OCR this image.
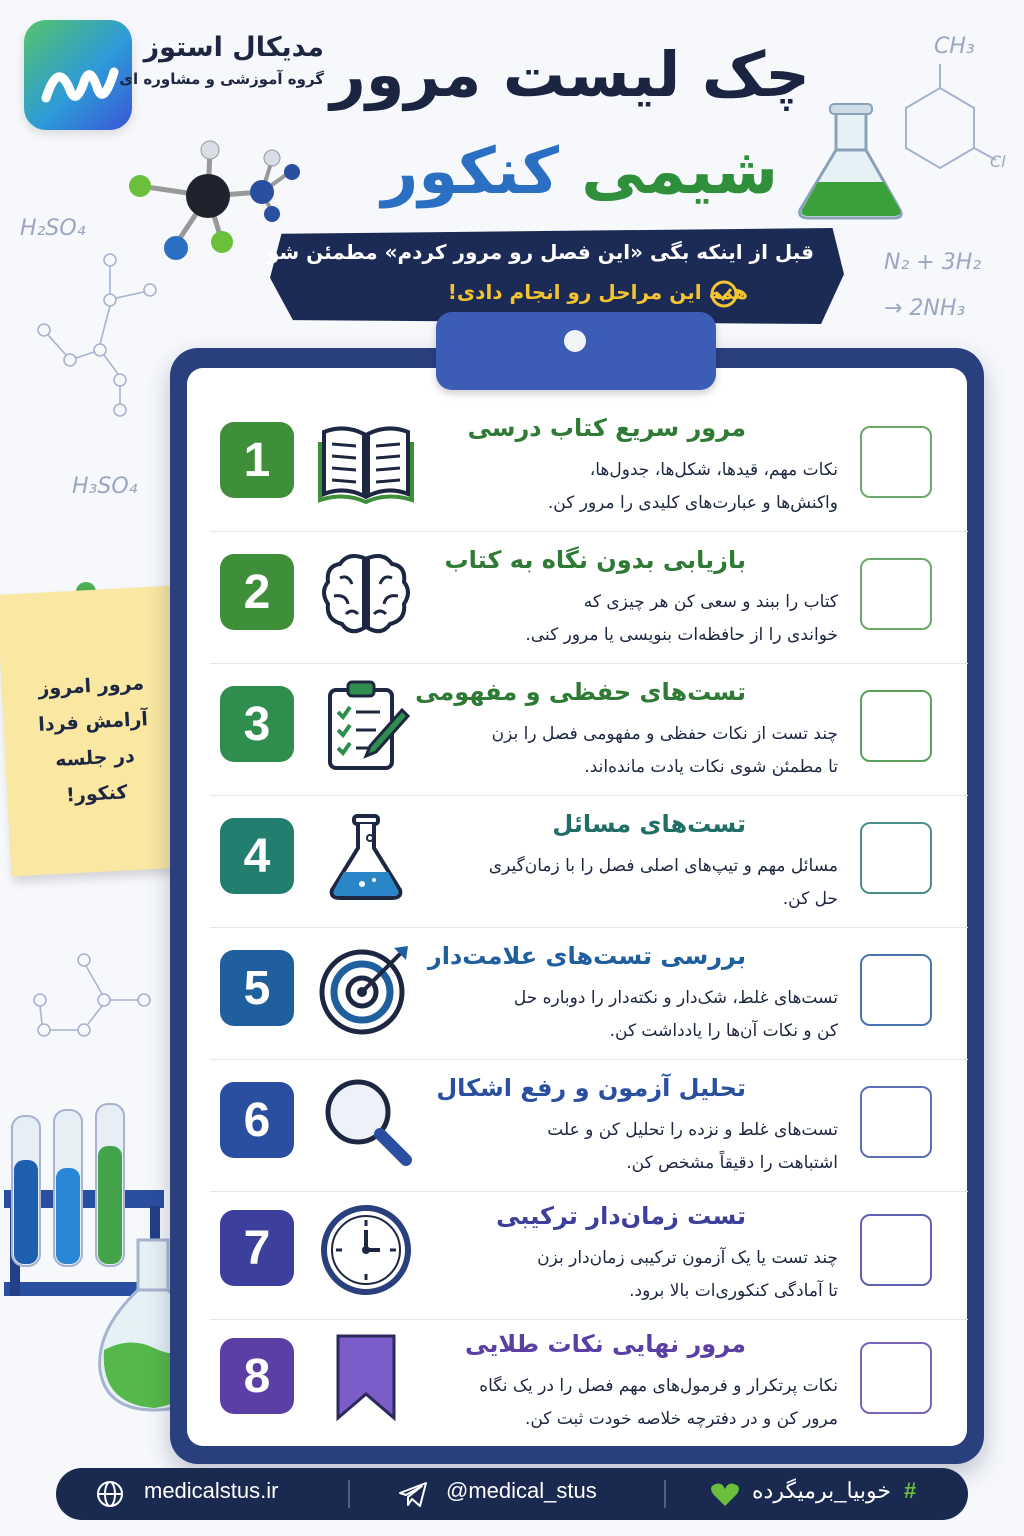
CH₃
Cl
H₂SO₄
N₂ + 3H₂
→ 2NH₃
H₃SO₄
مدیکال استوز
گروه آموزشی و مشاوره ای چک لیست مرور
شیمی کنکور
قبل از اینکه بگی «این فصل رو مرور کردم» مطمئن شو
همه این مراحل رو انجام دادی!
مرور امروز
آرامش فردا
در جلسه
کنکور!
1
مرور سریع کتاب درسی
نکات مهم، قیدها، شکل‌ها، جدول‌ها،
واکنش‌ها و عبارت‌های کلیدی را مرور کن.
2
بازیابی بدون نگاه به کتاب
کتاب را ببند و سعی کن هر چیزی که
خواندی را از حافظه‌ات بنویسی یا مرور کنی.
3
تست‌های حفظی و مفهومی
چند تست از نکات حفظی و مفهومی فصل را بزن
تا مطمئن شوی نکات یادت مانده‌اند.
4
تست‌های مسائل
مسائل مهم و تیپ‌های اصلی فصل را با زمان‌گیری
حل کن.
5
بررسی تست‌های علامت‌دار
تست‌های غلط، شک‌دار و نکته‌دار را دوباره حل
کن و نکات آن‌ها را یادداشت کن.
6
تحلیل آزمون و رفع اشکال
تست‌های غلط و نزده را تحلیل کن و علت
اشتباهت را دقیقاً مشخص کن.
7
تست زمان‌دار ترکیبی
چند تست یا یک آزمون ترکیبی زمان‌دار بزن
تا آمادگی کنکوری‌ات بالا برود.
8
مرور نهایی نکات طلایی
نکات پرتکرار و فرمول‌های مهم فصل را در یک نگاه
مرور کن و در دفترچه خلاصه خودت ثبت کن.
medicalstus.ir	@medical_stus	خوبیا_برمیگرده #
